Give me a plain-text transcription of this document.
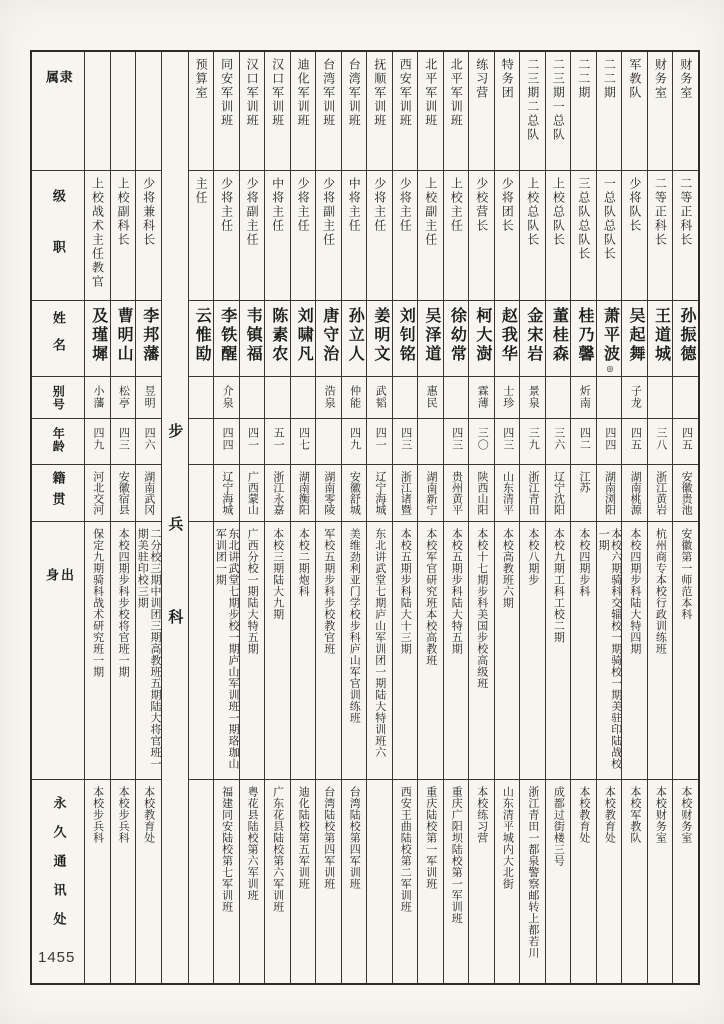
隶属
级职
姓名
别号
年龄
籍贯
出身
永久通讯处
上校战术主任教官
及瑾墀
小藩
四九
河北交河
保定九期骑科战术研究班一期
本校步兵科
上校副科长
曹明山
松亭
四三
安徽宿县
本校四期步科步校将官班一期
本校步兵科
少将兼科长
李邦藩
昱明
四六
湖南武冈
二分校三期中训团三期高教班五期陆大将官班一期美驻印校三期
本校教育处
步兵科
预算室
主任
云惟劻
同安军训班
少将主任
李铁醒
介泉
四四
辽宁海城
东北讲武堂七期步校一期庐山军训班一期珞珈山军训团一期
福建同安陆校第七军训班
汉口军训班
少将副主任
韦镇福
四一
广西蒙山
广西分校一期陆大特五期
粤花县陆校第六军训班
汉口军训班
中将主任
陈素农
五一
浙江永嘉
本校三期陆大九期
广东花县陆校第六军训班
迪化军训班
少将主任
刘啸凡
四七
湖南衡阳
本校二期炮科
迪化陆校第五军训班
台湾军训班
少将副主任
唐守治
浩泉
湖南零陵
军校五期步科步校教官班
台湾陆校第四军训班
台湾军训班
中将主任
孙立人
仲能
四九
安徽舒城
美维劲利亚门学校步科庐山军官训练班
台湾陆校第四军训班
抚顺军训班
少将主任
姜明文
武韬
四一
辽宁海城
东北讲武堂七期庐山军训团一期陆大特训班六
西安军训班
少将主任
刘钊铭
四三
浙江诸暨
本校五期步科陆大十三期
西安王曲陆校第二军训班
北平军训班
上校副主任
吴泽道
惠民
湖南新宁
本校军官研究班本校高教班
重庆陆校第一军训班
北平军训班
上校主任
徐幼常
四三
贵州黄平
本校五期步科陆大特五期
重庆广阳坝陆校第一军训班
练习营
少校营长
柯大澍
霖薄
三〇
陕西山阳
本校十七期步科美国步校高级班
本校练习营
特务团
少将团长
赵我华
士珍
四三
山东清平
本校高教班六期
山东清平城内大北街
二三期二总队
上校总队长
金宋岩
景泉
三九
浙江青田
本校八期步
浙江青田一都泉警察邮转上都若川
二三期一总队
上校总队长
董桂森
三六
辽宁沈阳
本校九期工科工校二期
成都过街楼三号
二二期
三总队总队长
桂乃馨
炘南
四二
江苏
本校四期步科
本校教育处
二二期
一总队总队长
萧平波◎
四四
湖南浏阳
本校六期骑科交辎校一期骑校一期美驻印陆战校一期
本校教育处
军教队
少将队长
吴起舞
子龙
四五
湖南桃源
本校四期步科陆大特四期
本校军教队
财务室
二等正科长
王道城
三八
浙江黄岩
杭州商专本校行政训练班
本校财务室
财务室
二等正科长
孙振德
四五
安徽贵池
安徽第一师范本科
本校财务室
1455
